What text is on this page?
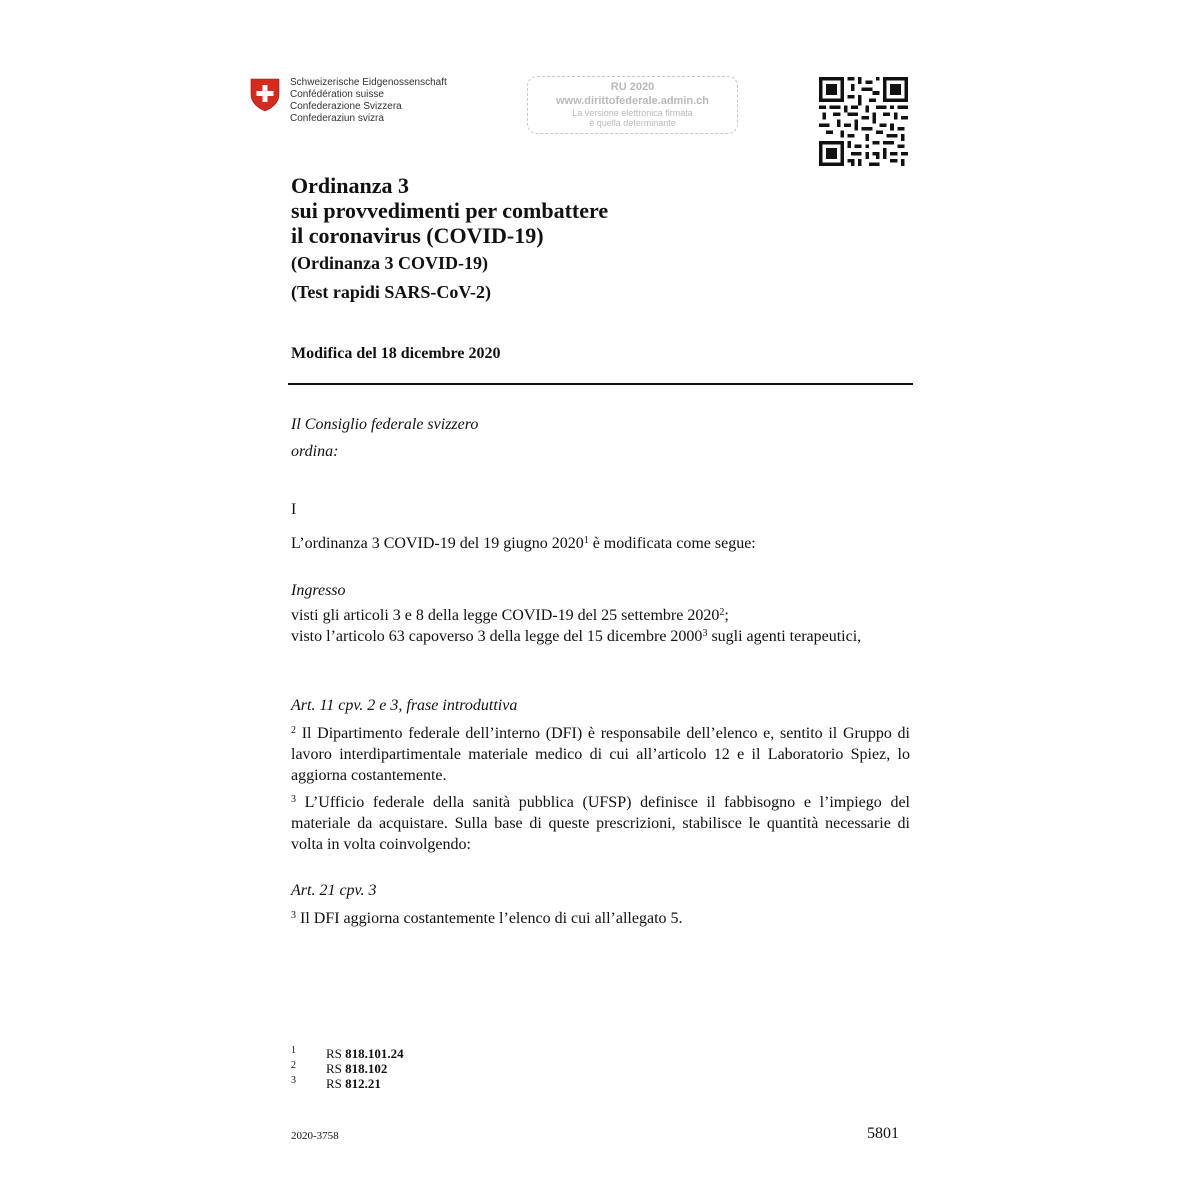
Schweizerische Eidgenossenschaft
Confédération suisse
Confederazione Svizzera
Confederaziun svizra
RU 2020
www.dirittofederale.admin.ch
La versione elettronica firmata
è quella determinante
Ordinanza 3
sui provvedimenti per combattere
il coronavirus (COVID-19)
(Ordinanza 3 COVID-19)
(Test rapidi SARS-CoV-2)
Modifica del 18 dicembre 2020
Il Consiglio federale svizzero
ordina:
I
L’ordinanza 3 COVID-19 del 19 giugno 2020$^1$ è modificata come segue:
Ingresso
visti gli articoli 3 e 8 della legge COVID-19 del 25 settembre 2020$^2$;
visto l’articolo 63 capoverso 3 della legge del 15 dicembre 2000$^3$ sugli agenti terapeutici,
Art. 11 cpv. 2 e 3, frase introduttiva
$^2$ Il Dipartimento federale dell’interno (DFI) è responsabile dell’elenco e, sentito il Gruppo di lavoro interdipartimentale materiale medico di cui all’articolo 12 e il Laboratorio Spiez, lo aggiorna costantemente.
$^3$ L’Ufficio federale della sanità pubblica (UFSP) definisce il fabbisogno e l’impiego del materiale da acquistare. Sulla base di queste prescrizioni, stabilisce le quantità necessarie di volta in volta coinvolgendo:
Art. 21 cpv. 3
$^3$ Il DFI aggiorna costantemente l’elenco di cui all’allegato 5.
1 RS 818.101.24
2 RS 818.102
3 RS 812.21
2020-3758	5801
